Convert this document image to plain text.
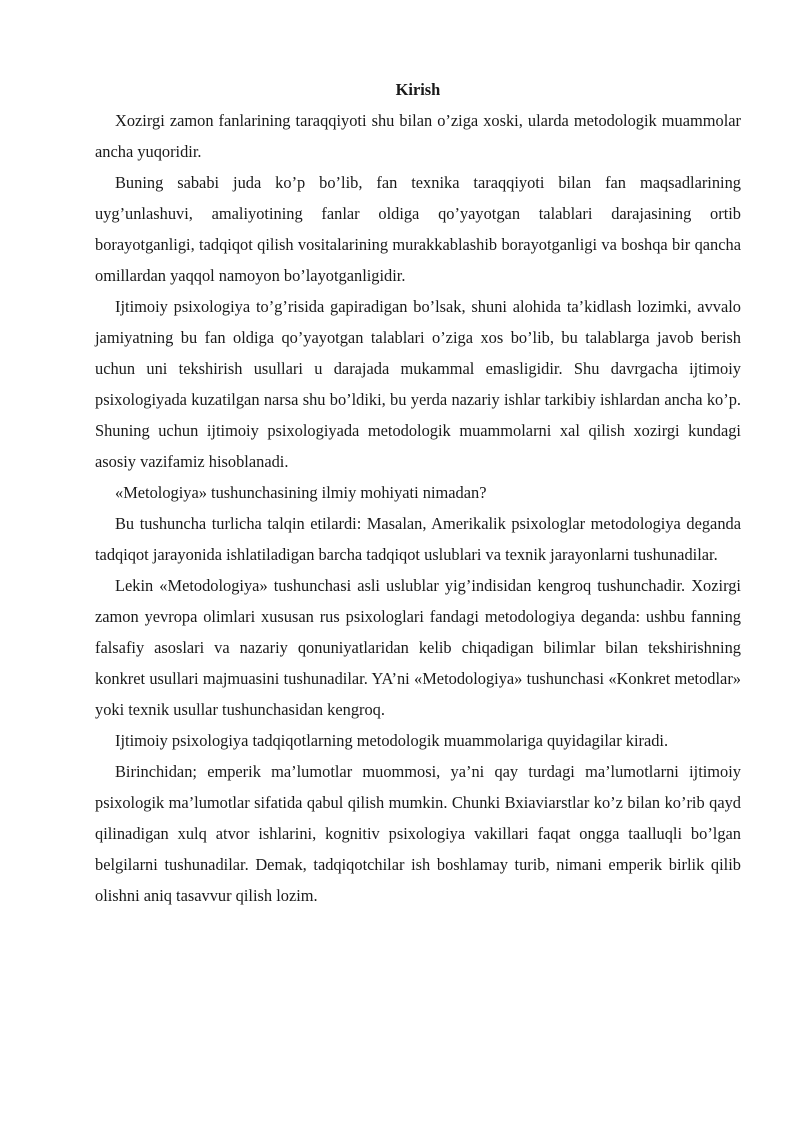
Kirish

Xozirgi zamon fanlarining taraqqiyoti shu bilan o’ziga xoski, ularda metodologik muammolar ancha yuqoridir.

Buning sababi juda ko’p bo’lib, fan texnika taraqqiyoti bilan fan maqsadlarining uyg’unlashuvi, amaliyotining fanlar oldiga qo’yayotgan talablari darajasining ortib borayotganligi, tadqiqot qilish vositalarining murakkablashib borayotganligi va boshqa bir qancha omillardan yaqqol namoyon bo’layotganligidir.

Ijtimoiy psixologiya to’g’risida gapiradigan bo’lsak, shuni alohida ta’kidlash lozimki, avvalo jamiyatning bu fan oldiga qo’yayotgan talablari o’ziga xos bo’lib, bu talablarga javob berish uchun uni tekshirish usullari u darajada mukammal emasligidir. Shu davrgacha ijtimoiy psixologiyada kuzatilgan narsa shu bo’ldiki, bu yerda nazariy ishlar tarkibiy ishlardan ancha ko’p. Shuning uchun ijtimoiy psixologiyada metodologik muammolarni xal qilish xozirgi kundagi asosiy vazifamiz hisoblanadi.

«Metologiya» tushunchasining ilmiy mohiyati nimadan?

Bu tushuncha turlicha talqin etilardi: Masalan, Amerikalik psixologlar metodologiya deganda tadqiqot jarayonida ishlatiladigan barcha tadqiqot uslublari va texnik jarayonlarni tushunadilar.

Lekin «Metodologiya» tushunchasi asli uslublar yig’indisidan kengroq tushunchadir. Xozirgi zamon yevropa olimlari xususan rus psixologlari fandagi metodologiya deganda: ushbu fanning falsafiy asoslari va nazariy qonuniyatlaridan kelib chiqadigan bilimlar bilan tekshirishning konkret usullari majmuasini tushunadilar. YA’ni «Metodologiya» tushunchasi «Konkret metodlar» yoki texnik usullar tushunchasidan kengroq.

Ijtimoiy psixologiya tadqiqotlarning metodologik muammolariga quyidagilar kiradi.

Birinchidan; emperik ma’lumotlar muommosi, ya’ni qay turdagi ma’lumotlarni ijtimoiy psixologik ma’lumotlar sifatida qabul qilish mumkin. Chunki Bxiaviarstlar ko’z bilan ko’rib qayd qilinadigan xulq atvor ishlarini, kognitiv psixologiya vakillari faqat ongga taalluqli bo’lgan belgilarni tushunadilar. Demak, tadqiqotchilar ish boshlamay turib, nimani emperik birlik qilib olishni aniq tasavvur qilish lozim.
